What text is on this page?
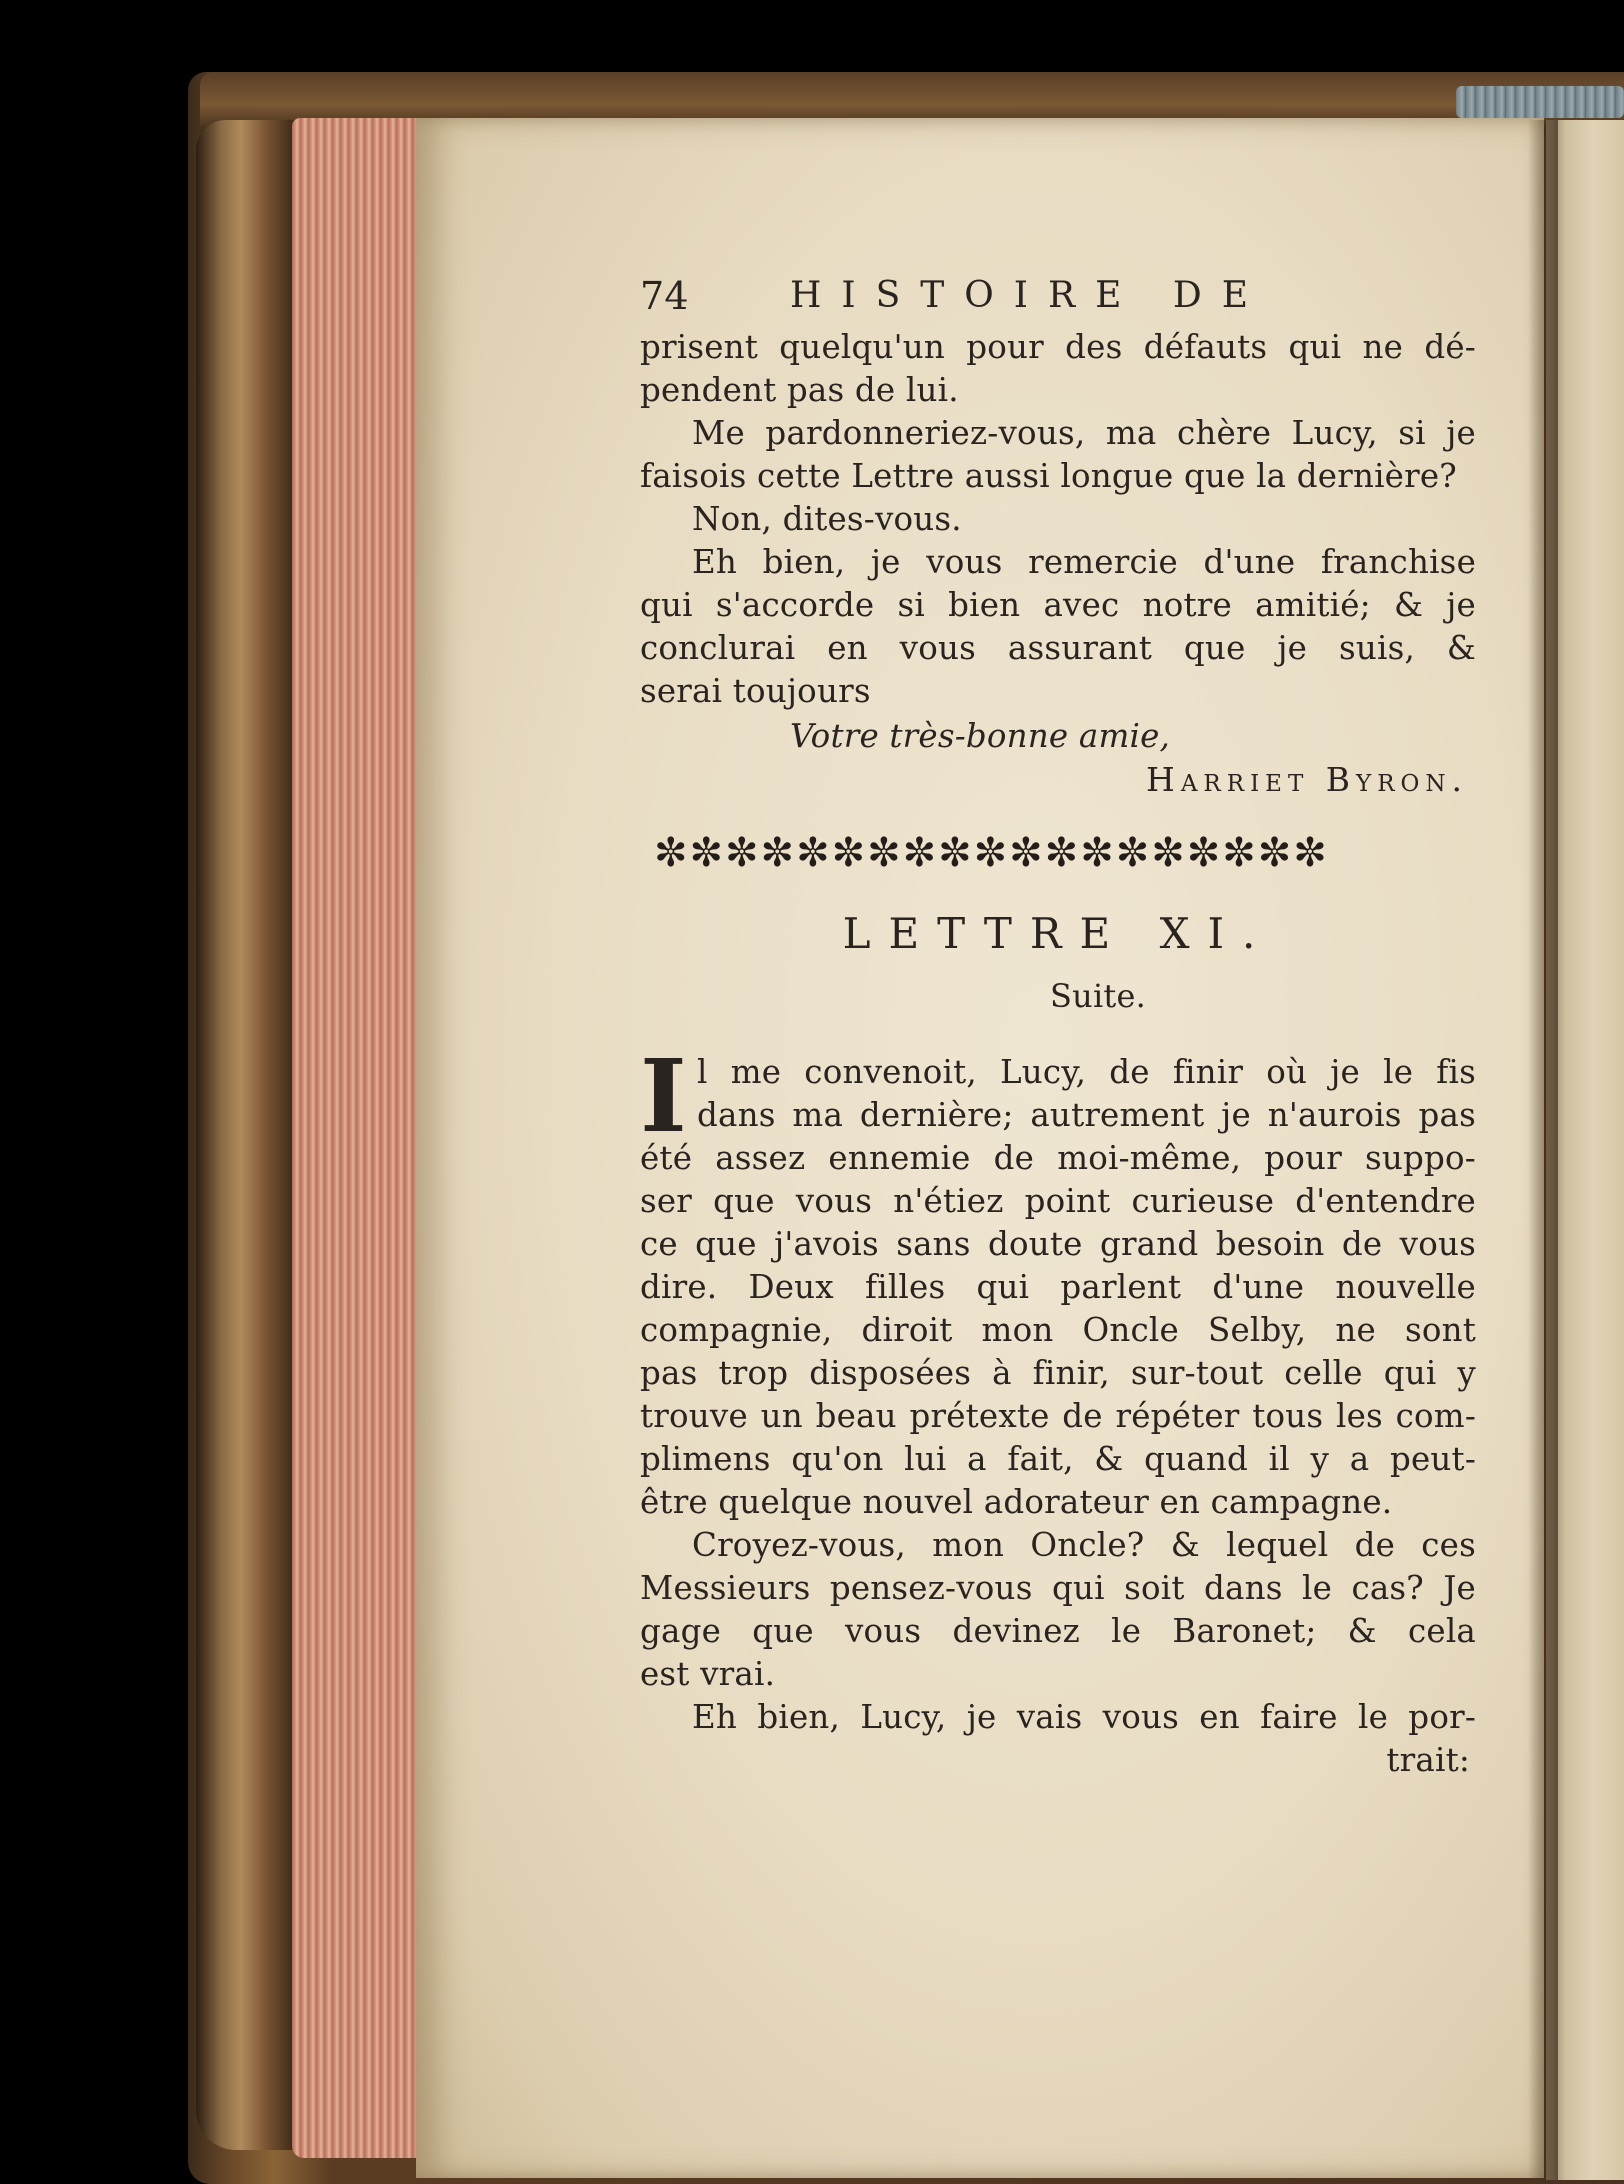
74	HISTOIRE DE
prisent quelqu'un pour des défauts qui ne dé-
pendent pas de lui.
Me pardonneriez-vous, ma chère Lucy, si je
faisois cette Lettre aussi longue que la dernière?
Non, dites-vous.
Eh bien, je vous remercie d'une franchise
qui s'accorde si bien avec notre amitié; & je
conclurai en vous assurant que je suis, &
serai toujours
Votre très-bonne amie,
Harriet Byron.
✼✼✼✼✼✼✼✼✼✼✼✼✼✼✼✼✼✼✼
LETTRE XI.
Suite.
I l me convenoit, Lucy, de finir où je le fis
dans ma dernière; autrement je n'aurois pas
été assez ennemie de moi-même, pour suppo-
ser que vous n'étiez point curieuse d'entendre
ce que j'avois sans doute grand besoin de vous
dire. Deux filles qui parlent d'une nouvelle
compagnie, diroit mon Oncle Selby, ne sont
pas trop disposées à finir, sur-tout celle qui y
trouve un beau prétexte de répéter tous les com-
plimens qu'on lui a fait, & quand il y a peut-
être quelque nouvel adorateur en campagne.
Croyez-vous, mon Oncle? & lequel de ces
Messieurs pensez-vous qui soit dans le cas? Je
gage que vous devinez le Baronet; & cela
est vrai.
Eh bien, Lucy, je vais vous en faire le por-
trait:
